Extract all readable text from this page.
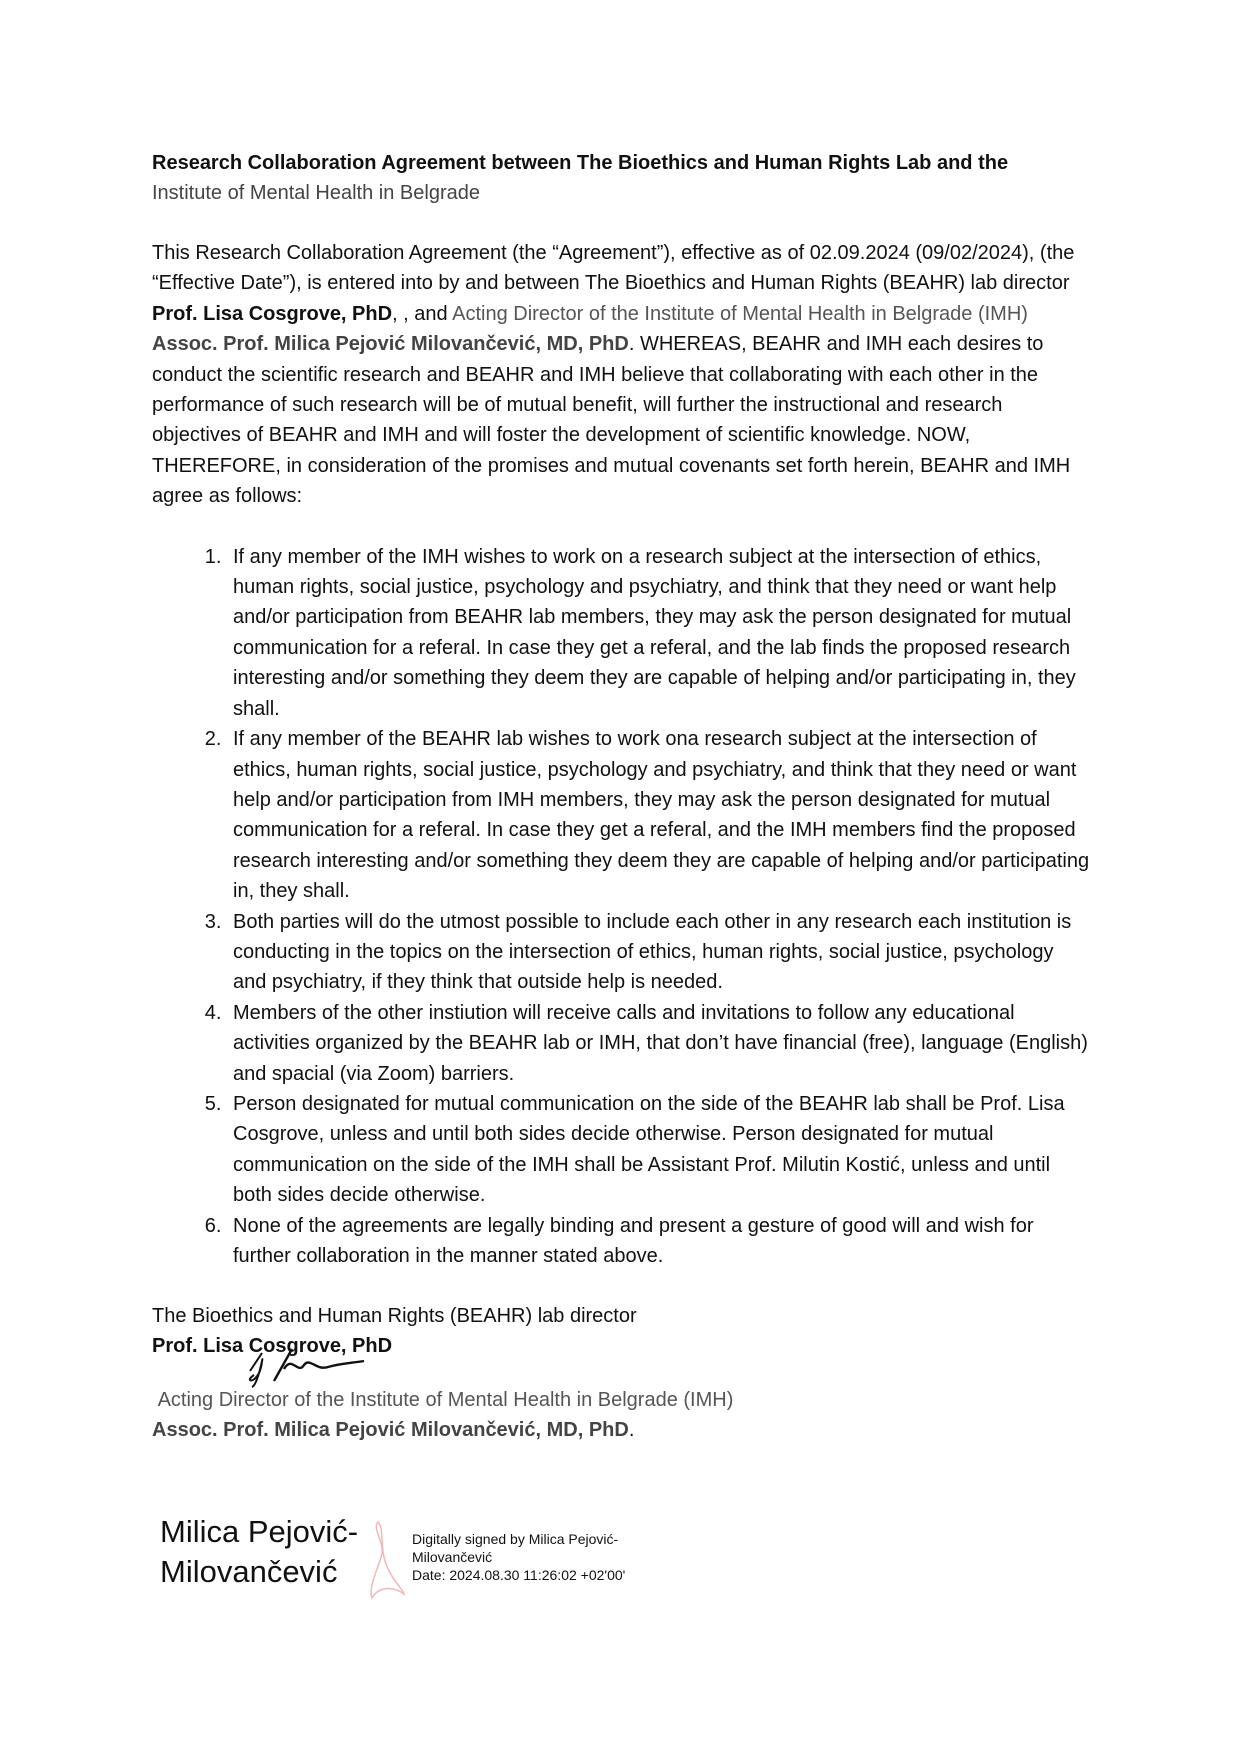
Research Collaboration Agreement between The Bioethics and Human Rights Lab and the
Institute of Mental Health in Belgrade

This Research Collaboration Agreement (the “Agreement”), effective as of 02.09.2024 (09/02/2024), (the “Effective Date”), is entered into by and between The Bioethics and Human Rights (BEAHR) lab director Prof. Lisa Cosgrove, PhD, , and Acting Director of the Institute of Mental Health in Belgrade (IMH) Assoc. Prof. Milica Pejović Milovančević, MD, PhD. WHEREAS, BEAHR and IMH each desires to conduct the scientific research and BEAHR and IMH believe that collaborating with each other in the performance of such research will be of mutual benefit, will further the instructional and research objectives of BEAHR and IMH and will foster the development of scientific knowledge. NOW, THEREFORE, in consideration of the promises and mutual covenants set forth herein, BEAHR and IMH agree as follows:

1. If any member of the IMH wishes to work on a research subject at the intersection of ethics, human rights, social justice, psychology and psychiatry, and think that they need or want help and/or participation from BEAHR lab members, they may ask the person designated for mutual communication for a referal. In case they get a referal, and the lab finds the proposed research interesting and/or something they deem they are capable of helping and/or participating in, they shall.
2. If any member of the BEAHR lab wishes to work ona research subject at the intersection of ethics, human rights, social justice, psychology and psychiatry, and think that they need or want help and/or participation from IMH members, they may ask the person designated for mutual communication for a referal. In case they get a referal, and the IMH members find the proposed research interesting and/or something they deem they are capable of helping and/or participating in, they shall.
3. Both parties will do the utmost possible to include each other in any research each institution is conducting in the topics on the intersection of ethics, human rights, social justice, psychology and psychiatry, if they think that outside help is needed.
4. Members of the other instiution will receive calls and invitations to follow any educational activities organized by the BEAHR lab or IMH, that don’t have financial (free), language (English) and spacial (via Zoom) barriers.
5. Person designated for mutual communication on the side of the BEAHR lab shall be Prof. Lisa Cosgrove, unless and until both sides decide otherwise. Person designated for mutual communication on the side of the IMH shall be Assistant Prof. Milutin Kostić, unless and until both sides decide otherwise.
6. None of the agreements are legally binding and present a gesture of good will and wish for further collaboration in the manner stated above.
The Bioethics and Human Rights (BEAHR) lab director
Prof. Lisa Cosgrove, PhD
Acting Director of the Institute of Mental Health in Belgrade (IMH)
Assoc. Prof. Milica Pejović Milovančević, MD, PhD.
Milica Pejović-
Milovančević
Digitally signed by Milica Pejović-
Milovančević
Date: 2024.08.30 11:26:02 +02'00'
